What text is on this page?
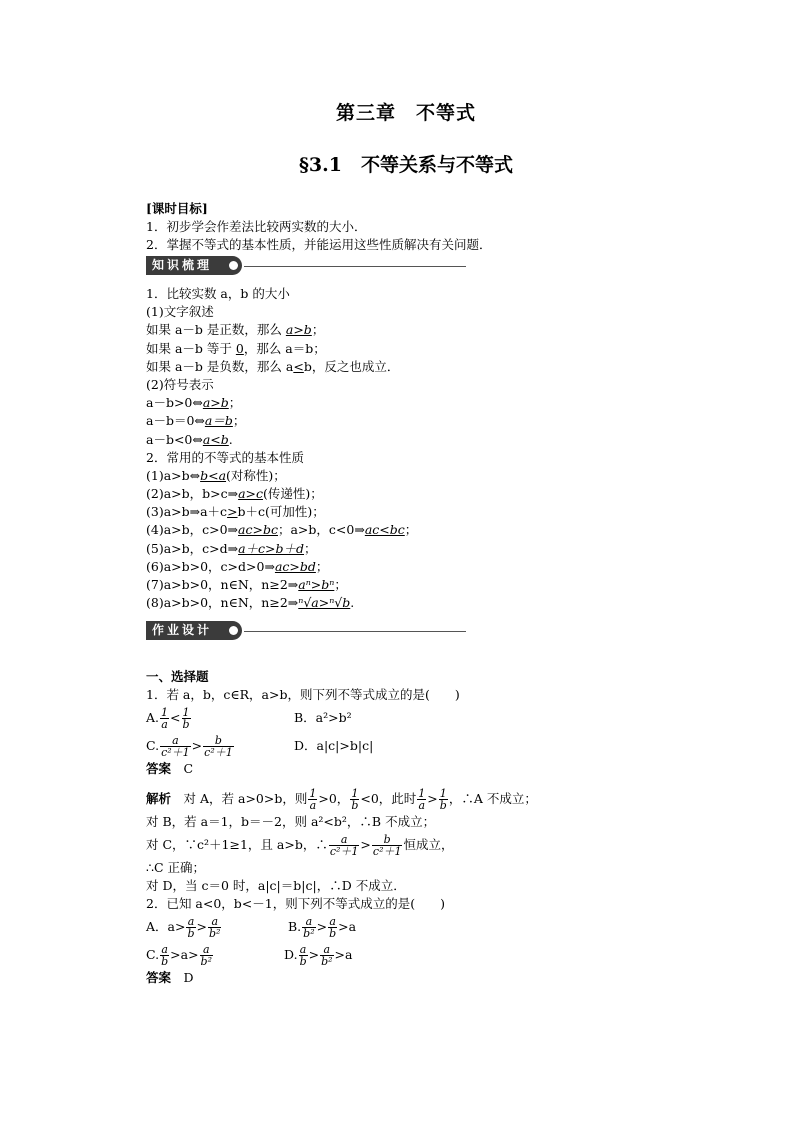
第三章　不等式
§3.1　不等关系与不等式
[课时目标]
1．初步学会作差法比较两实数的大小．
2．掌握不等式的基本性质，并能运用这些性质解决有关问题．
知识梳理
1．比较实数 a，b 的大小
(1)文字叙述
如果 a－b 是正数，那么 a>b；
如果 a－b 等于 0，那么 a＝b；
如果 a－b 是负数，那么 a<b，反之也成立．
(2)符号表示
a－b>0⇔a>b；
a－b＝0⇔a＝b；
a－b<0⇔a<b.
2．常用的不等式的基本性质
(1)a>b⇔b<a(对称性)；
(2)a>b，b>c⇒a>c(传递性)；
(3)a>b⇒a＋c>b＋c(可加性)；
(4)a>b，c>0⇒ac>bc；a>b，c<0⇒ac<bc；
(5)a>b，c>d⇒a＋c>b＋d；
(6)a>b>0，c>d>0⇒ac>bd；
(7)a>b>0，n∈N，n≥2⇒aⁿ>bⁿ；
(8)a>b>0，n∈N，n≥2⇒ⁿ√a>ⁿ√b.
作业设计
一、选择题
1．若 a，b，c∈R，a>b，则下列不等式成立的是(　　)
A. $\frac{1}{a} < \frac{1}{b}$	B．a²>b²
C. $\frac{a}{\text{c²＋1}} > \frac{b}{\text{c²＋1}}$	D．a|c|>b|c|
答案　 C
解析　 对 A，若 a>0>b，则 $\frac{1}{a} >0$， $\frac{1}{b} <0$，此时 $\frac{1}{a} > \frac{1}{b}$ ，∴A 不成立；
对 B，若 a＝1，b＝－2，则 a²<b²，∴B 不成立；
对 C，∵c²＋1≥1，且 a>b，∴ $\frac{a}{\text{c²＋1}} > \frac{b}{\text{c²＋1}}$ 恒成立，
∴C 正确；
对 D，当 c＝0 时，a|c|＝b|c|，∴D 不成立．
2．已知 a<0，b<－1，则下列不等式成立的是(　　)
A．$a> \frac{a}{b} > \frac{a}{\text{b²}}$	B. $\frac{a}{\text{b²}} > \frac{a}{b} >a$
C. $\frac{a}{b} >a> \frac{a}{\text{b²}}$	D. $\frac{a}{b} > \frac{a}{\text{b²}} >a$
答案　 D
